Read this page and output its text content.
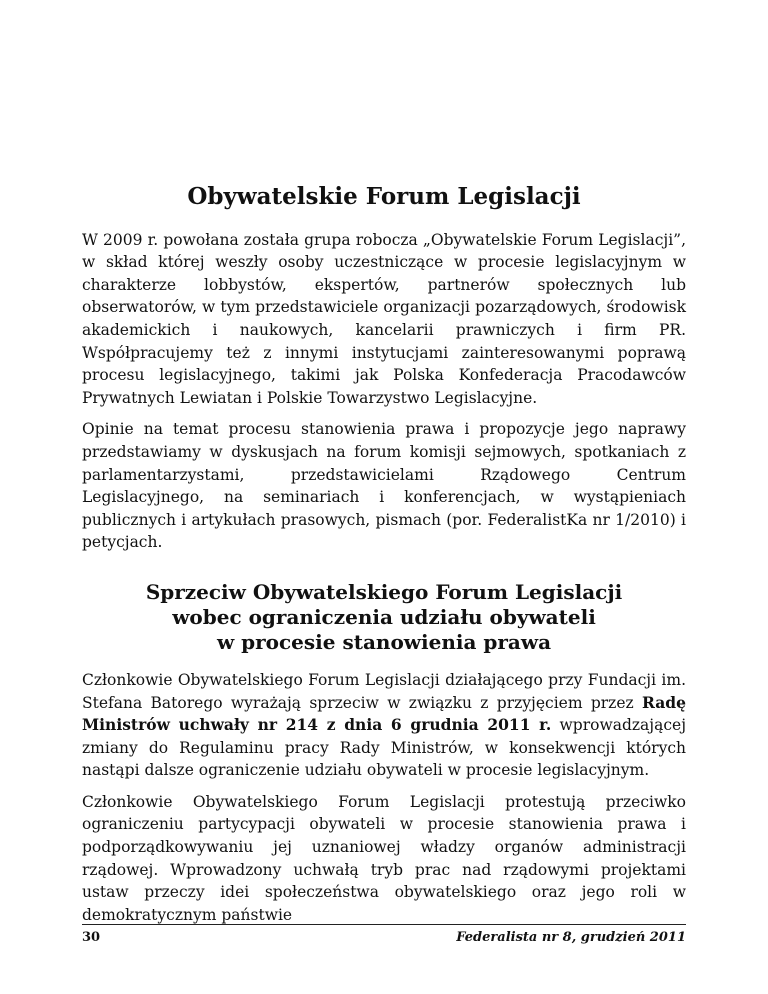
Obywatelskie Forum Legislacji

W 2009 r. powołana została grupa robocza „Obywatelskie Forum Legislacji”, w skład której weszły osoby uczestniczące w procesie legislacyjnym w charakterze lobbystów, ekspertów, partnerów społecznych lub obserwatorów, w tym przedstawiciele organizacji pozarządowych, środowisk akademickich i naukowych, kancelarii prawniczych i firm PR. Współpracujemy też z innymi instytucjami zainteresowanymi poprawą procesu legislacyjnego, takimi jak Polska Konfederacja Pracodawców Prywatnych Lewiatan i Polskie Towarzystwo Legislacyjne.

Opinie na temat procesu stanowienia prawa i propozycje jego naprawy przedstawiamy w dyskusjach na forum komisji sejmowych, spotkaniach z parlamentarzystami, przedstawicielami Rządowego Centrum Legislacyjnego, na seminariach i konferencjach, w wystąpieniach publicznych i artykułach prasowych, pismach (por. FederalistKa nr 1/2010) i petycjach.

Sprzeciw Obywatelskiego Forum Legislacji
wobec ograniczenia udziału obywateli
w procesie stanowienia prawa

Członkowie Obywatelskiego Forum Legislacji działającego przy Fundacji im. Stefana Batorego wyrażają sprzeciw w związku z przyjęciem przez Radę Ministrów uchwały nr 214 z dnia 6 grudnia 2011 r. wprowadzającej zmiany do Regulaminu pracy Rady Ministrów, w konsekwencji których nastąpi dalsze ograniczenie udziału obywateli w procesie legislacyjnym.

Członkowie Obywatelskiego Forum Legislacji protestują przeciwko ograniczeniu partycypacji obywateli w procesie stanowienia prawa i podporządkowywaniu jej uznaniowej władzy organów administracji rządowej. Wprowadzony uchwałą tryb prac nad rządowymi projektami ustaw przeczy idei społeczeństwa obywatelskiego oraz jego roli w demokratycznym państwie

30	Federalista nr 8, grudzień 2011
